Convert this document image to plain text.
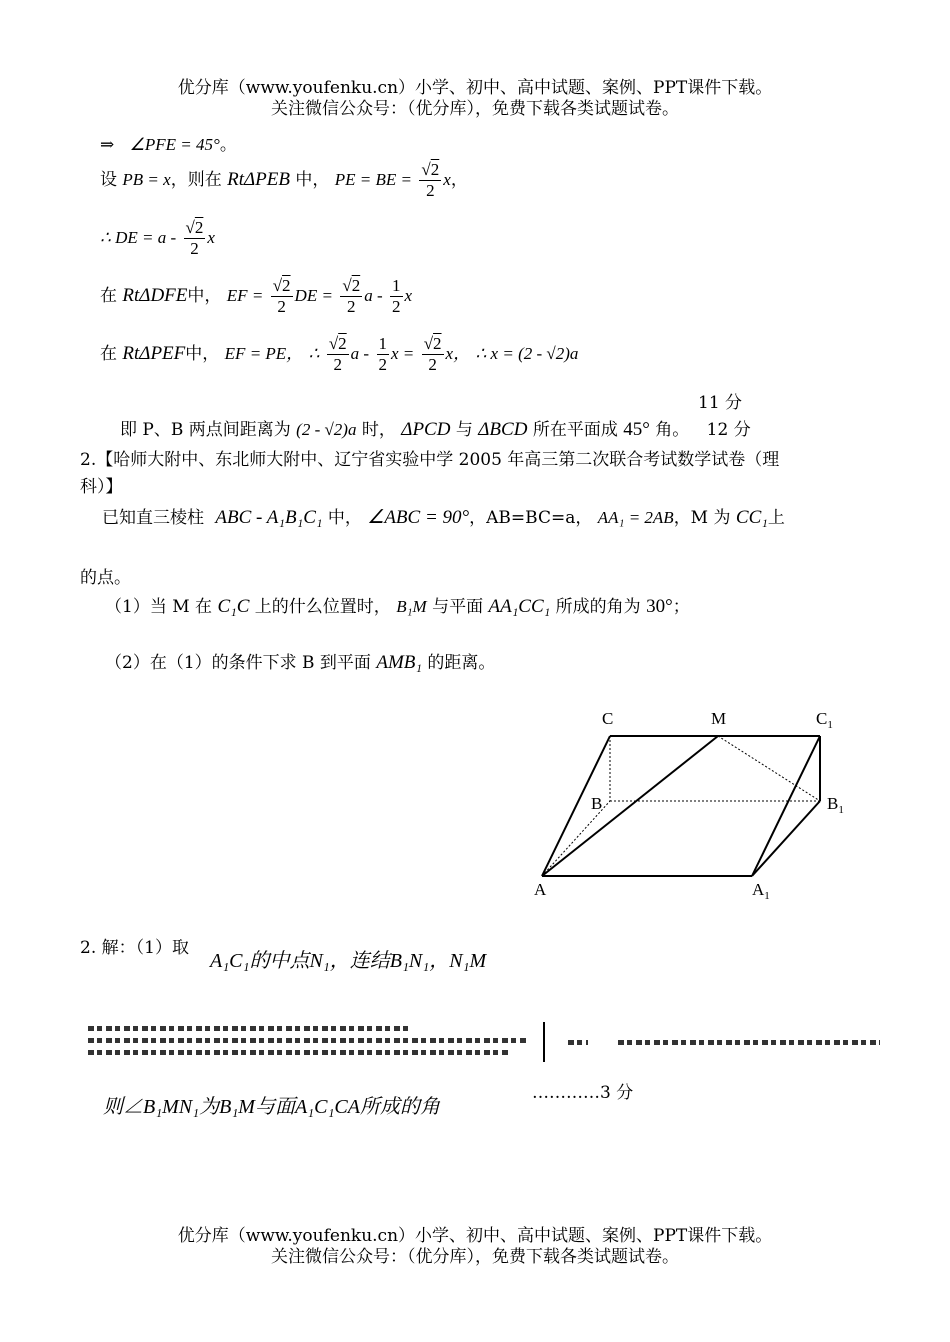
优分库（www.youfenku.cn）小学、初中、高中试题、案例、PPT课件下载。
关注微信公众号：（优分库），免费下载各类试题试卷。
⇒ ∠PFE = 45°。
设 PB = x，则在 RtΔPEB 中， PE = BE = $\frac{√2}{2}$ x，
∴ DE = a - $\frac{√2}{2}$ x
在 RtΔDFE中， EF = $\frac{√2}{2}$ DE = $\frac{√2}{2}$ a - $\frac{1}{2}$ x
在 RtΔPEF中， EF = PE， ∴ $\frac{√2}{2}$ a - $\frac{1}{2}$ $x = \frac{√2}{2}$ x， ∴ x = (2 - √2)a
11 分
即 P、B 两点间距离为 (2 - √2)a 时， ΔPCD 与 ΔBCD 所在平面成 45° 角。 12 分
2.【哈师大附中、东北师大附中、辽宁省实验中学 2005 年高三第二次联合考试数学试卷（理
科）】
已知直三棱柱 ABC - A₁B₁C₁ 中， ∠ABC = 90°，AB=BC=a， AA₁ = 2AB，M 为 CC₁上
的点。
（1）当 M 在 C₁C 上的什么位置时， B₁M 与平面 AA₁CC₁ 所成的角为 30°；
（2）在（1）的条件下求 B 到平面 AMB₁ 的距离。
C	M	$C_1$
B	$B_1$
A	$A_1$
2. 解：（1）取
A₁C₁的中点N₁，连结B₁N₁，N₁M
则∠B₁MN₁为B₁M与面A₁C₁CA所成的角
…………3 分
优分库（www.youfenku.cn）小学、初中、高中试题、案例、PPT课件下载。
关注微信公众号：（优分库），免费下载各类试题试卷。
